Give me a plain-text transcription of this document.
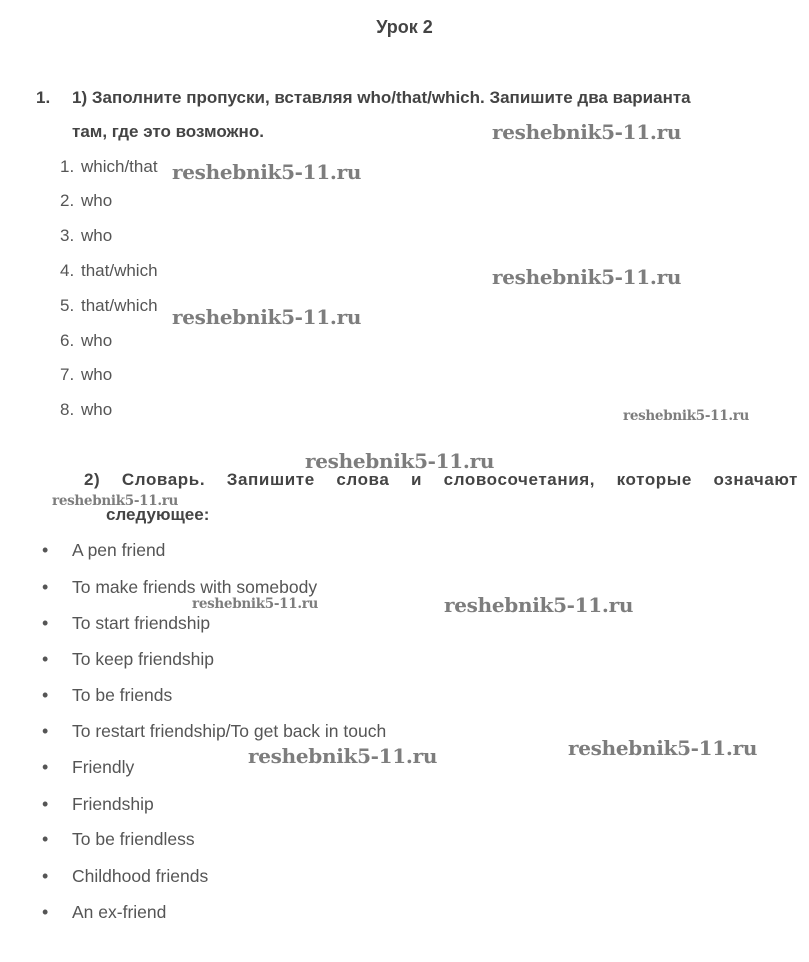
Урок 2
1. 1) Заполните пропуски, вставляя who/that/which. Запишите два варианта
там, где это возможно.
1. which/that
2. who
3. who
4. that/which
5. that/which
6. who
7. who
8. who
2) Словарь. Запишите слова и словосочетания, которые означают
следующее:
• A pen friend
• To make friends with somebody
• To start friendship
• To keep friendship
• To be friends
• To restart friendship/To get back in touch
• Friendly
• Friendship
• To be friendless
• Childhood friends
• An ex-friend
reshebnik5-11.ru
reshebnik5-11.ru
reshebnik5-11.ru
reshebnik5-11.ru
reshebnik5-11.ru
reshebnik5-11.ru
reshebnik5-11.ru
reshebnik5-11.ru	reshebnik5-11.ru
reshebnik5-11.ru	reshebnik5-11.ru
